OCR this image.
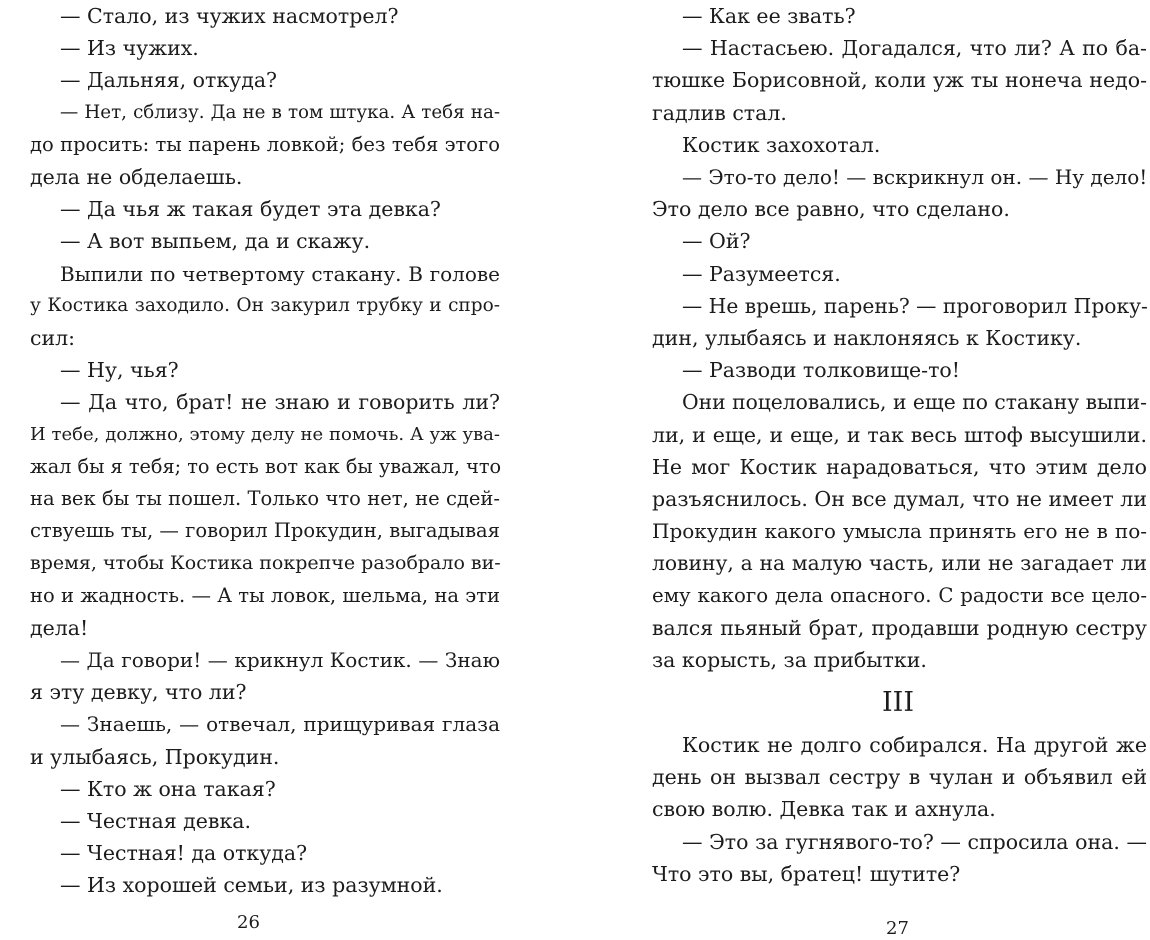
— Стало, из чужих насмотрел?
— Из чужих.
— Дальняя, откуда?
— Нет, сблизу. Да не в том штука. А тебя на-
до просить: ты парень ловкой; без тебя этого
дела не обделаешь.
— Да чья ж такая будет эта девка?
— А вот выпьем, да и скажу.
Выпили по четвертому стакану. В голове
у Костика заходило. Он закурил трубку и спро-
сил:
— Ну, чья?
— Да что, брат! не знаю и говорить ли?
И тебе, должно, этому делу не помочь. А уж ува-
жал бы я тебя; то есть вот как бы уважал, что
на век бы ты пошел. Только что нет, не сдей-
ствуешь ты, — говорил Прокудин, выгадывая
время, чтобы Костика покрепче разобрало ви-
но и жадность. — А ты ловок, шельма, на эти
дела!
— Да говори! — крикнул Костик. — Знаю
я эту девку, что ли?
— Знаешь, — отвечал, прищуривая глаза
и улыбаясь, Прокудин.
— Кто ж она такая?
— Честная девка.
— Честная! да откуда?
— Из хорошей семьи, из разумной.
26
— Как ее звать?
— Настасьею. Догадался, что ли? А по ба-
тюшке Борисовной, коли уж ты нонеча недо-
гадлив стал.
Костик захохотал.
— Это-то дело! — вскрикнул он. — Ну дело!
Это дело все равно, что сделано.
— Ой?
— Разумеется.
— Не врешь, парень? — проговорил Проку-
дин, улыбаясь и наклоняясь к Костику.
— Разводи толковище-то!
Они поцеловались, и еще по стакану выпи-
ли, и еще, и еще, и так весь штоф высушили.
Не мог Костик нарадоваться, что этим дело
разъяснилось. Он все думал, что не имеет ли
Прокудин какого умысла принять его не в по-
ловину, а на малую часть, или не загадает ли
ему какого дела опасного. С радости все цело-
вался пьяный брат, продавши родную сестру
за корысть, за прибытки.
III
Костик не долго собирался. На другой же
день он вызвал сестру в чулан и объявил ей
свою волю. Девка так и ахнула.
— Это за гугнявого-то? — спросила она. —
Что это вы, братец! шутите?
27
